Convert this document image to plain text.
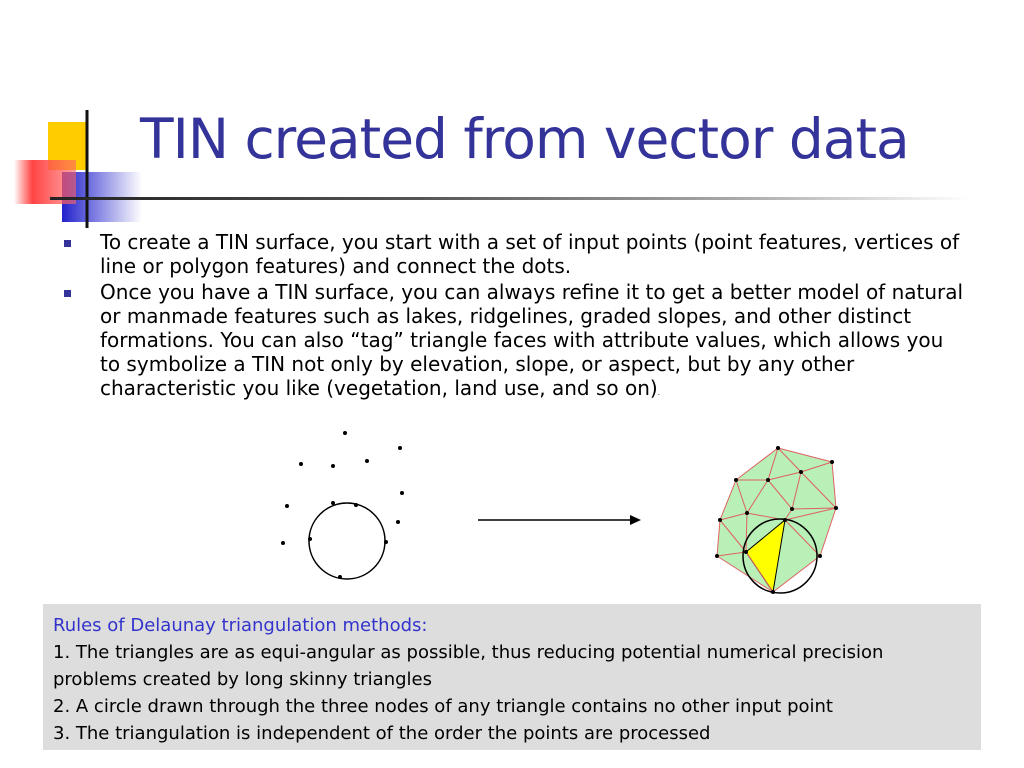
TIN created from vector data
To create a TIN surface, you start with a set of input points (point features, vertices of line or polygon features) and connect the dots.
Once you have a TIN surface, you can always refine it to get a better model of natural or manmade features such as lakes, ridgelines, graded slopes, and other distinct formations. You can also “tag” triangle faces with attribute values, which allows you to symbolize a TIN not only by elevation, slope, or aspect, but by any other characteristic you like (vegetation, land use, and so on).
Rules of Delaunay triangulation methods:
1. The triangles are as equi-angular as possible, thus reducing potential numerical precision problems created by long skinny triangles
2. A circle drawn through the three nodes of any triangle contains no other input point
3. The triangulation is independent of the order the points are processed
